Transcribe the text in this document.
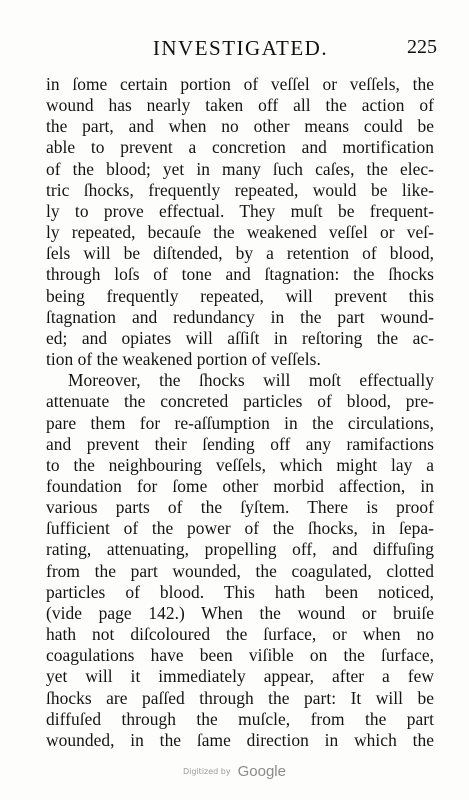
INVESTIGATED.	225
in ſome certain portion of veſſel or veſſels, the
wound has nearly taken off all the action of
the part, and when no other means could be
able to prevent a concretion and mortification
of the blood; yet in many ſuch caſes, the elec-
tric ſhocks, frequently repeated, would be like-
ly to prove effectual. They muſt be frequent-
ly repeated, becauſe the weakened veſſel or veſ-
ſels will be diſtended, by a retention of blood,
through loſs of tone and ſtagnation: the ſhocks
being frequently repeated, will prevent this
ſtagnation and redundancy in the part wound-
ed; and opiates will aſſiſt in reſtoring the ac-
tion of the weakened portion of veſſels.
Moreover, the ſhocks will moſt effectually
attenuate the concreted particles of blood, pre-
pare them for re-aſſumption in the circulations,
and prevent their ſending off any ramifactions
to the neighbouring veſſels, which might lay a
foundation for ſome other morbid affection, in
various parts of the ſyſtem. There is proof
ſufficient of the power of the ſhocks, in ſepa-
rating, attenuating, propelling off, and diffuſing
from the part wounded, the coagulated, clotted
particles of blood. This hath been noticed,
(vide page 142.) When the wound or bruiſe
hath not diſcoloured the ſurface, or when no
coagulations have been viſible on the ſurface,
yet will it immediately appear, after a few
ſhocks are paſſed through the part: It will be
diffuſed through the muſcle, from the part
wounded, in the ſame direction in which the
Digitized by Google
